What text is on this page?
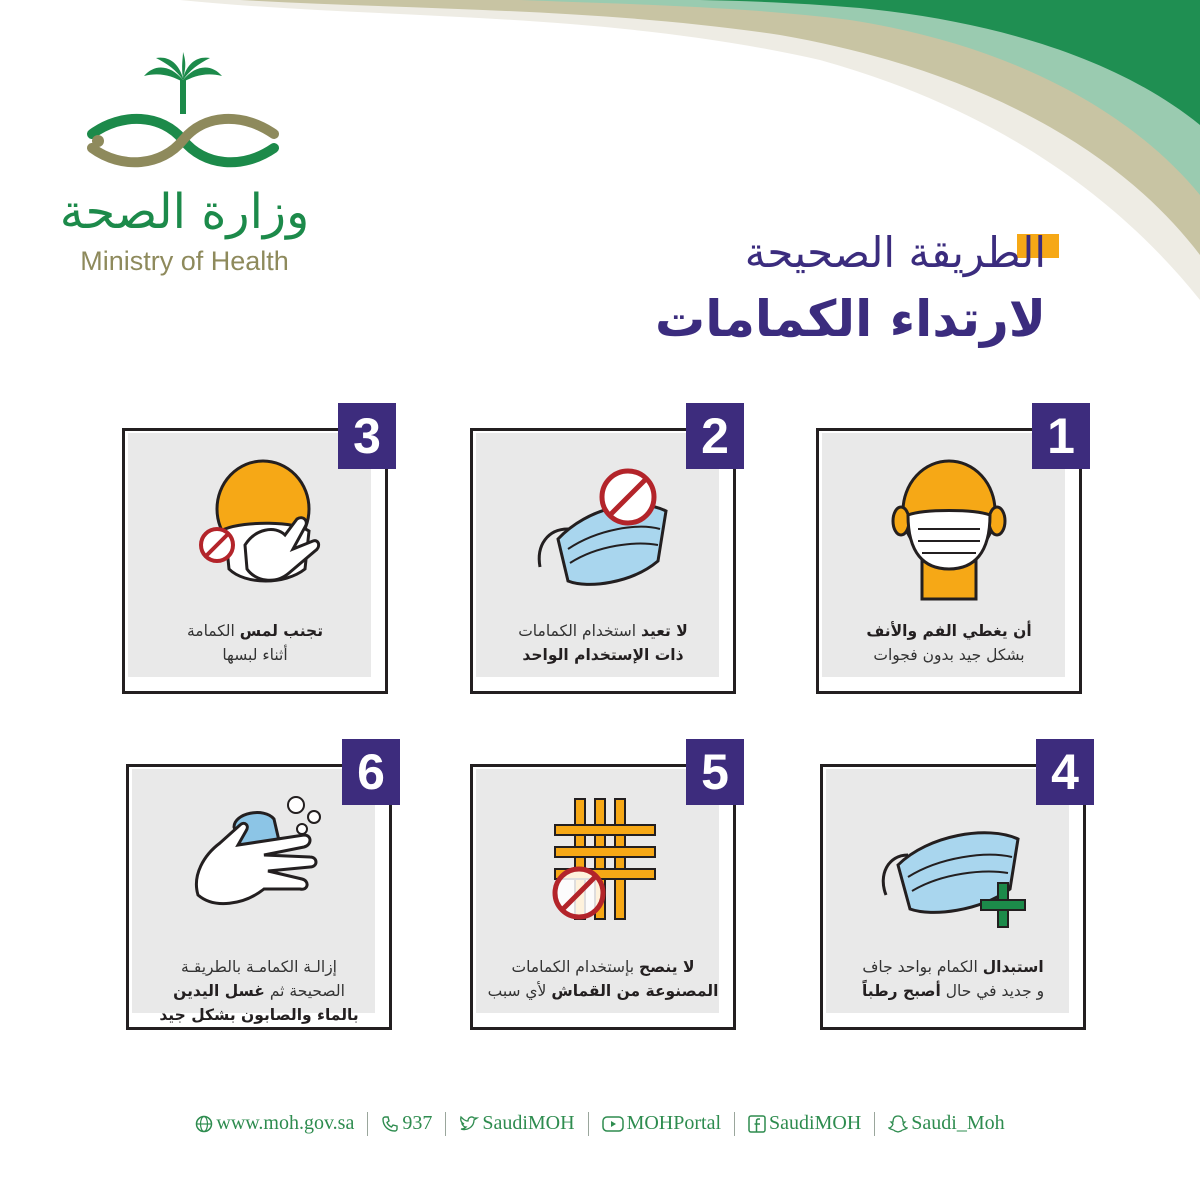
وزارة الصحة
Ministry of Health	الطريقة الصحيحة
لارتداء الكمامات
1
أن يغطي الفم والأنف
بشكل جيد بدون فجوات
2
لا تعيد استخدام الكمامات
ذات الإستخدام الواحد
3
تجنب لمس الكمامة
أثناء لبسها
4
استبدال الكمام بواحد جاف
و جديد في حال أصبح رطباً
5
لا ينصح بإستخدام الكمامات
المصنوعة من القماش لأي سبب
6
إزالـة الكمامـة بالطريقـة
الصحيحة ثم غسل اليدين
بالماء والصابون بشكل جيد
www.moh.gov.sa 937	SaudiMOH	MOHPortal SaudiMOH	Saudi_Moh
